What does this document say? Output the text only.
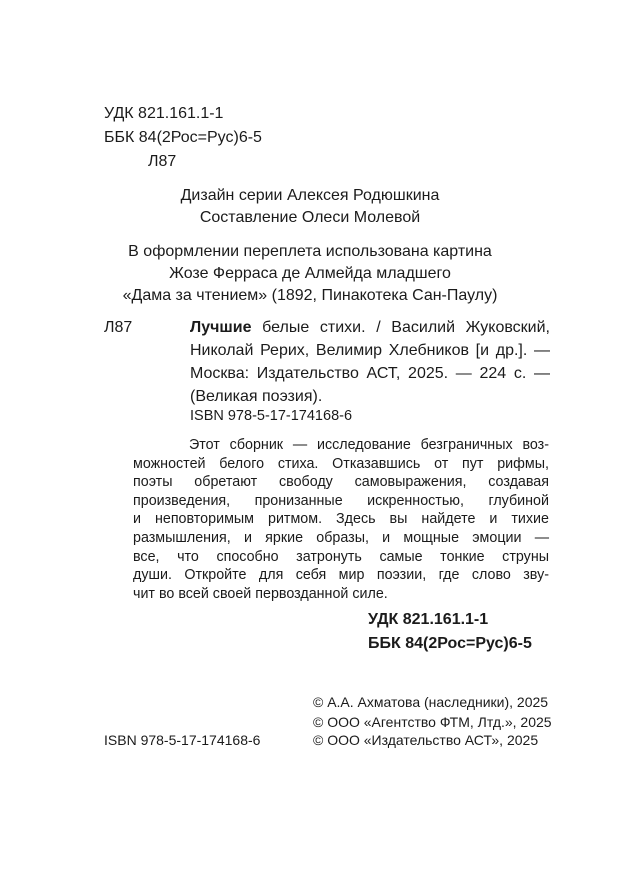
УДК 821.161.1-1
ББК 84(2Рос=Рус)6-5
Л87
Дизайн серии Алексея Родюшкина
Составление Олеси Молевой
В оформлении переплета использована картина
Жозе Ферраса де Алмейда младшего
«Дама за чтением» (1892, Пинакотека Сан-Паулу)
Л87	Лучшие белые стихи. / Василий Жуковский,
Николай Рерих, Велимир Хлебников [и др.]. —
Москва: Издательство АСТ, 2025. — 224 с. —
(Великая поэзия).
ISBN 978-5-17-174168-6
Этот сборник — исследование безграничных воз-
можностей белого стиха. Отказавшись от пут рифмы,
поэты обретают свободу самовыражения, создавая
произведения, пронизанные искренностью, глубиной
и неповторимым ритмом. Здесь вы найдете и тихие
размышления, и яркие образы, и мощные эмоции —
все, что способно затронуть самые тонкие струны
души. Откройте для себя мир поэзии, где слово зву-
чит во всей своей первозданной силе.
УДК 821.161.1-1
ББК 84(2Рос=Рус)6-5
© А.А. Ахматова (наследники), 2025
© ООО «Агентство ФТМ, Лтд.», 2025
ISBN 978-5-17-174168-6	© ООО «Издательство АСТ», 2025
